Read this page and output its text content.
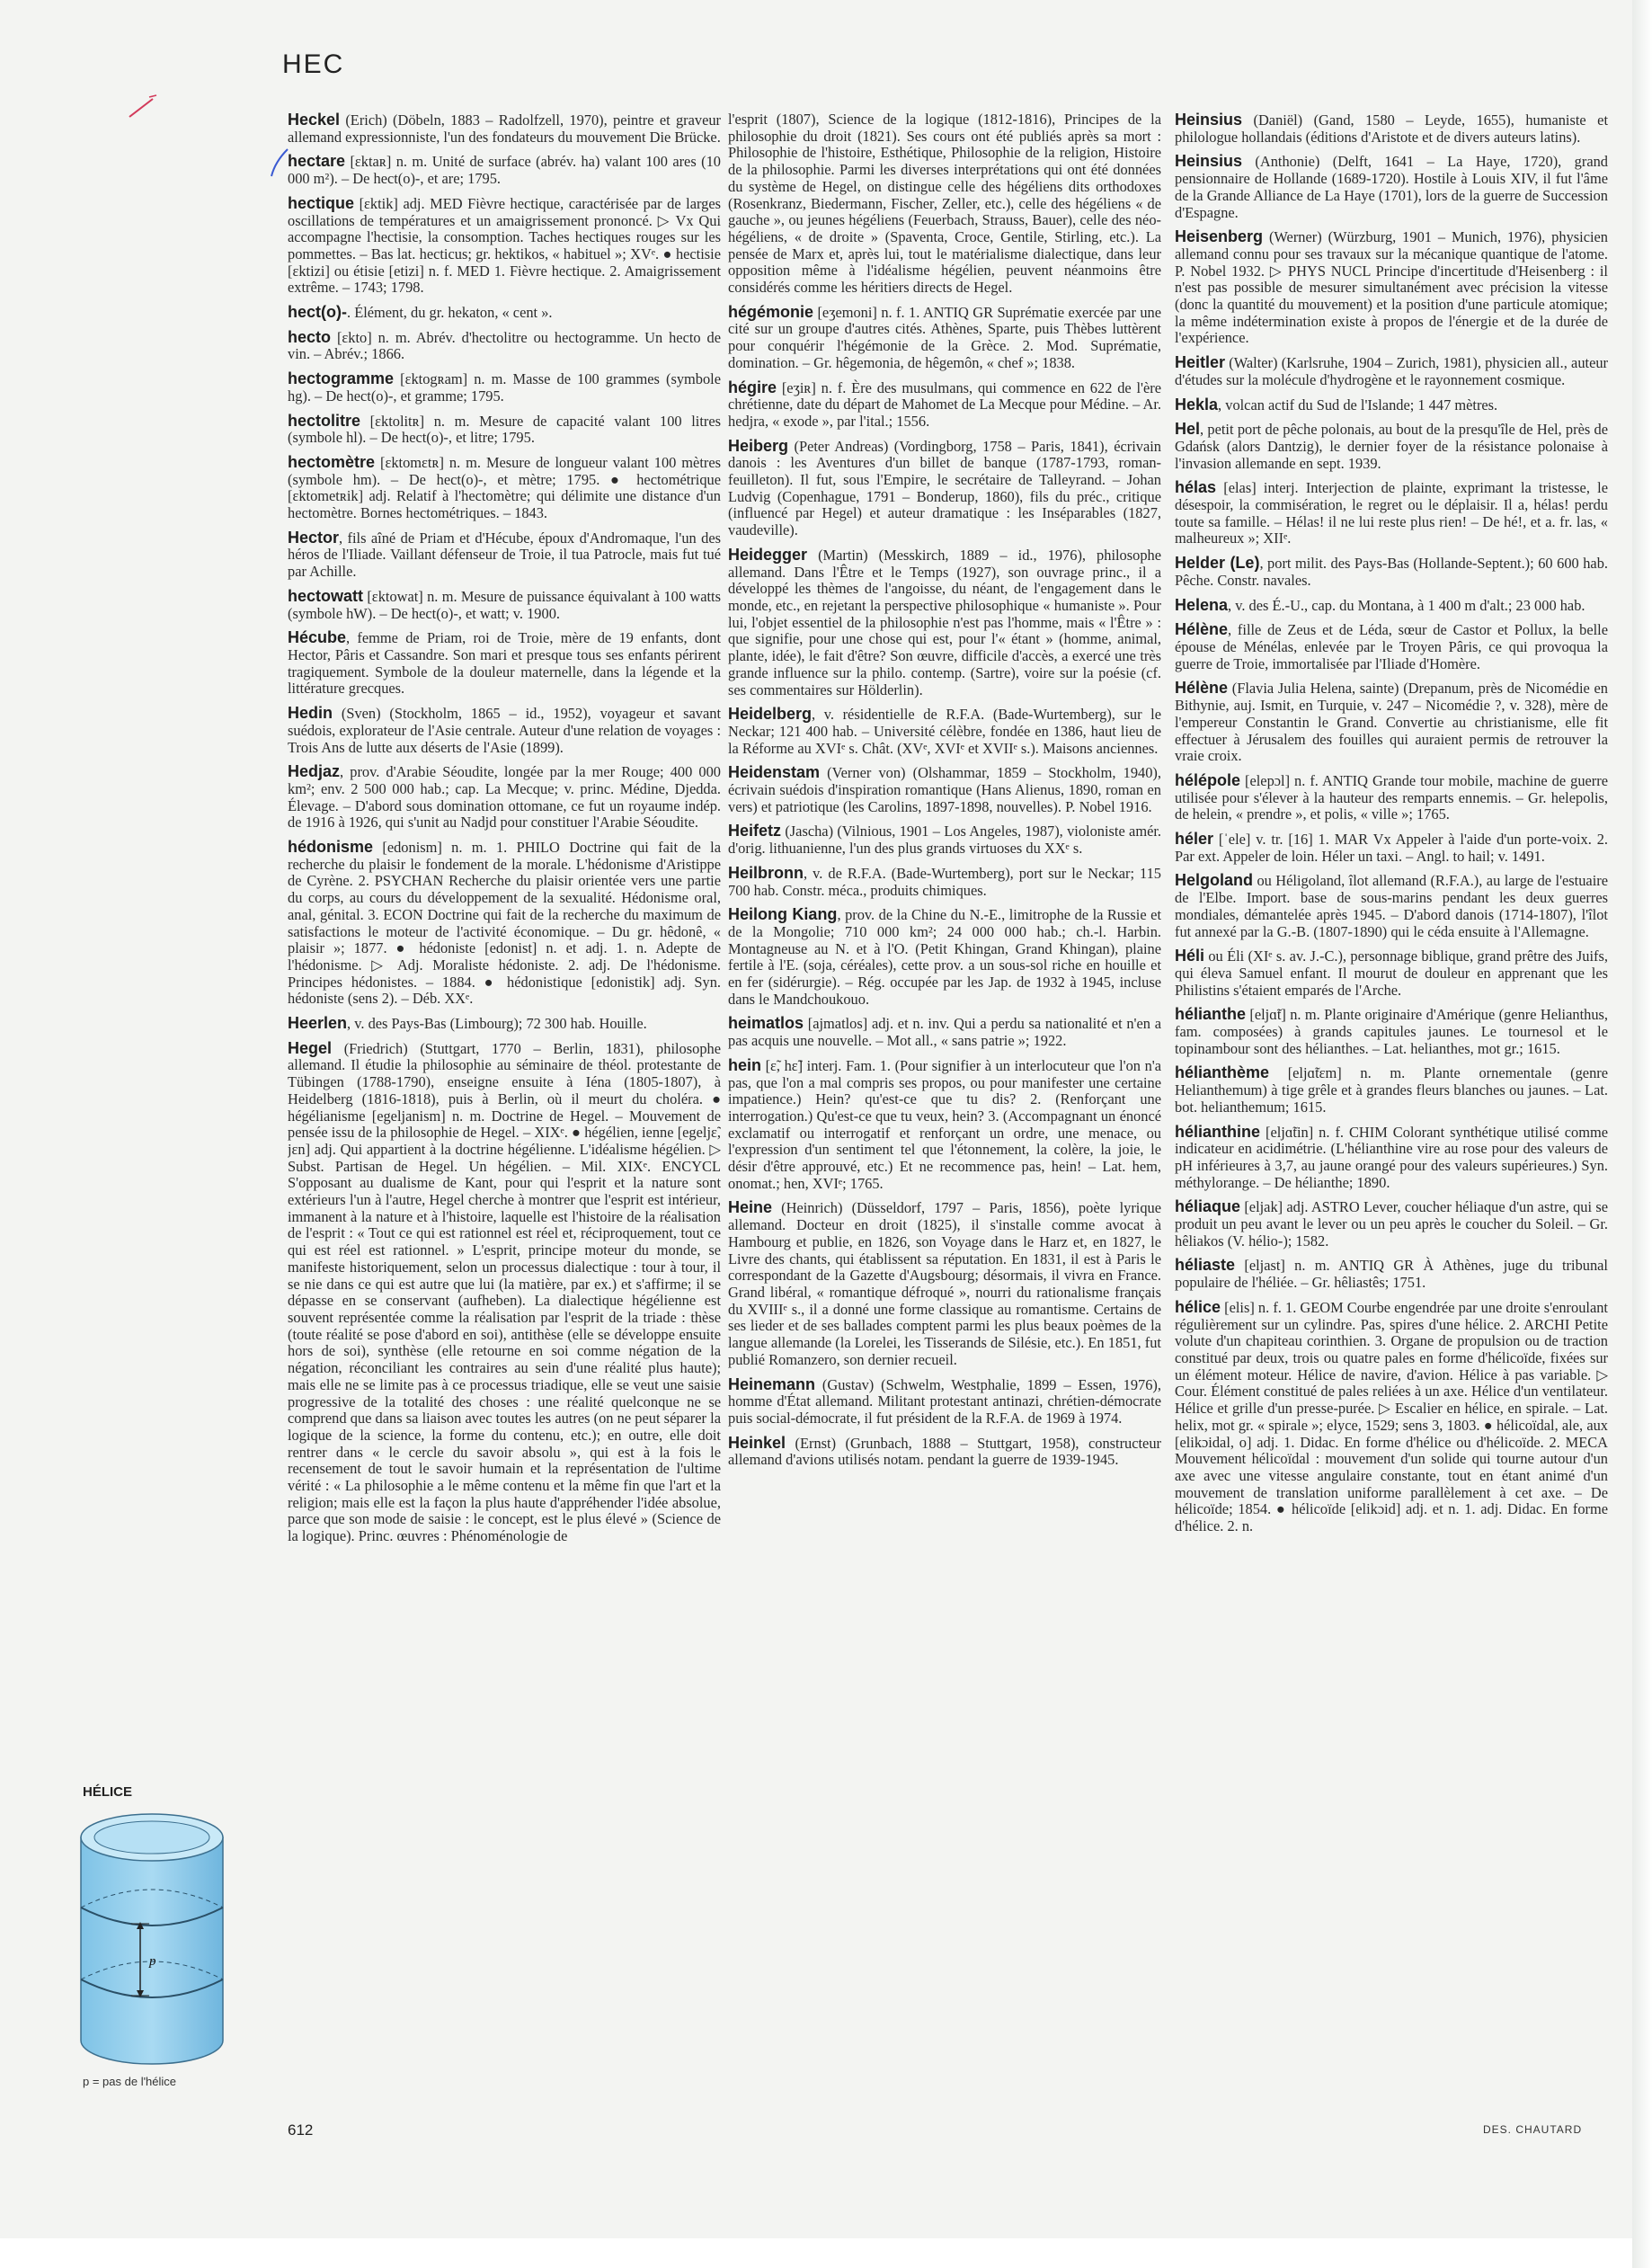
HEC

Heckel (Erich) (Döbeln, 1883 – Radolfzell, 1970), peintre et graveur allemand expressionniste, l'un des fondateurs du mouvement Die Brücke.

hectare [ɛktaʀ] n. m. Unité de surface (abrév. ha) valant 100 ares (10 000 m²). – De hect(o)-, et are; 1795.

hectique [ɛktik] adj. MED Fièvre hectique, caractérisée par de larges oscillations de températures et un amaigrissement prononcé. ▷ Vx Qui accompagne l'hectisie, la consomption. Taches hectiques rouges sur les pommettes. – Bas lat. hecticus; gr. hektikos, « habituel »; XVᵉ. ● hectisie [ɛktizi] ou étisie [etizi] n. f. MED 1. Fièvre hectique. 2. Amaigrissement extrême. – 1743; 1798.

hect(o)-. Élément, du gr. hekaton, « cent ».

hecto [ɛkto] n. m. Abrév. d'hectolitre ou hectogramme. Un hecto de vin. – Abrév.; 1866.

hectogramme [ɛktogʀam] n. m. Masse de 100 grammes (symbole hg). – De hect(o)-, et gramme; 1795.

hectolitre [ɛktolitʀ] n. m. Mesure de capacité valant 100 litres (symbole hl). – De hect(o)-, et litre; 1795.

hectomètre [ɛktomɛtʀ] n. m. Mesure de longueur valant 100 mètres (symbole hm). – De hect(o)-, et mètre; 1795. ● hectométrique [ɛktometʀik] adj. Relatif à l'hectomètre; qui délimite une distance d'un hectomètre. Bornes hectométriques. – 1843.

Hector, fils aîné de Priam et d'Hécube, époux d'Andromaque, l'un des héros de l'Iliade. Vaillant défenseur de Troie, il tua Patrocle, mais fut tué par Achille.

hectowatt [ɛktowat] n. m. Mesure de puissance équivalant à 100 watts (symbole hW). – De hect(o)-, et watt; v. 1900.

Hécube, femme de Priam, roi de Troie, mère de 19 enfants, dont Hector, Pâris et Cassandre. Son mari et presque tous ses enfants périrent tragiquement. Symbole de la douleur maternelle, dans la légende et la littérature grecques.

Hedin (Sven) (Stockholm, 1865 – id., 1952), voyageur et savant suédois, explorateur de l'Asie centrale. Auteur d'une relation de voyages : Trois Ans de lutte aux déserts de l'Asie (1899).

Hedjaz, prov. d'Arabie Séoudite, longée par la mer Rouge; 400 000 km²; env. 2 500 000 hab.; cap. La Mecque; v. princ. Médine, Djedda. Élevage. – D'abord sous domination ottomane, ce fut un royaume indép. de 1916 à 1926, qui s'unit au Nadjd pour constituer l'Arabie Séoudite.

hédonisme [edonism] n. m. 1. PHILO Doctrine qui fait de la recherche du plaisir le fondement de la morale. L'hédonisme d'Aristippe de Cyrène. 2. PSYCHAN Recherche du plaisir orientée vers une partie du corps, au cours du développement de la sexualité. Hédonisme oral, anal, génital. 3. ECON Doctrine qui fait de la recherche du maximum de satisfactions le moteur de l'activité économique. – Du gr. hêdonê, « plaisir »; 1877. ● hédoniste [edonist] n. et adj. 1. n. Adepte de l'hédonisme. ▷ Adj. Moraliste hédoniste. 2. adj. De l'hédonisme. Principes hédonistes. – 1884. ● hédonistique [edonistik] adj. Syn. hédoniste (sens 2). – Déb. XXᵉ.

Heerlen, v. des Pays-Bas (Limbourg); 72 300 hab. Houille.

Hegel (Friedrich) (Stuttgart, 1770 – Berlin, 1831), philosophe allemand. Il étudie la philosophie au séminaire de théol. protestante de Tübingen (1788-1790), enseigne ensuite à Iéna (1805-1807), à Heidelberg (1816-1818), puis à Berlin, où il meurt du choléra. ● hégélianisme [egeljanism] n. m. Doctrine de Hegel. – Mouvement de pensée issu de la philosophie de Hegel. – XIXᵉ. ● hégélien, ienne [egeljɛ̃, jɛn] adj. Qui appartient à la doctrine hégélienne. L'idéalisme hégélien. ▷ Subst. Partisan de Hegel. Un hégélien. – Mil. XIXᵉ. ENCYCL S'opposant au dualisme de Kant, pour qui l'esprit et la nature sont extérieurs l'un à l'autre, Hegel cherche à montrer que l'esprit est intérieur, immanent à la nature et à l'histoire, laquelle est l'histoire de la réalisation de l'esprit : « Tout ce qui est rationnel est réel et, réciproquement, tout ce qui est réel est rationnel. » L'esprit, principe moteur du monde, se manifeste historiquement, selon un processus dialectique : tour à tour, il se nie dans ce qui est autre que lui (la matière, par ex.) et s'affirme; il se dépasse en se conservant (aufheben). La dialectique hégélienne est souvent représentée comme la réalisation par l'esprit de la triade : thèse (toute réalité se pose d'abord en soi), antithèse (elle se développe ensuite hors de soi), synthèse (elle retourne en soi comme négation de la négation, réconciliant les contraires au sein d'une réalité plus haute); mais elle ne se limite pas à ce processus triadique, elle se veut une saisie progressive de la totalité des choses : une réalité quelconque ne se comprend que dans sa liaison avec toutes les autres (on ne peut séparer la logique de la science, la forme du contenu, etc.); en outre, elle doit rentrer dans « le cercle du savoir absolu », qui est à la fois le recensement de tout le savoir humain et la représentation de l'ultime vérité : « La philosophie a le même contenu et la même fin que l'art et la religion; mais elle est la façon la plus haute d'appréhender l'idée absolue, parce que son mode de saisie : le concept, est le plus élevé » (Science de la logique). Princ. œuvres : Phénoménologie de

l'esprit (1807), Science de la logique (1812-1816), Principes de la philosophie du droit (1821). Ses cours ont été publiés après sa mort : Philosophie de l'histoire, Esthétique, Philosophie de la religion, Histoire de la philosophie. Parmi les diverses interprétations qui ont été données du système de Hegel, on distingue celle des hégéliens dits orthodoxes (Rosenkranz, Biedermann, Fischer, Zeller, etc.), celle des hégéliens « de gauche », ou jeunes hégéliens (Feuerbach, Strauss, Bauer), celle des néo-hégéliens, « de droite » (Spaventa, Croce, Gentile, Stirling, etc.). La pensée de Marx et, après lui, tout le matérialisme dialectique, dans leur opposition même à l'idéalisme hégélien, peuvent néanmoins être considérés comme les héritiers directs de Hegel.

hégémonie [eʒemoni] n. f. 1. ANTIQ GR Suprématie exercée par une cité sur un groupe d'autres cités. Athènes, Sparte, puis Thèbes luttèrent pour conquérir l'hégémonie de la Grèce. 2. Mod. Suprématie, domination. – Gr. hêgemonia, de hêgemôn, « chef »; 1838.

hégire [eʒiʀ] n. f. Ère des musulmans, qui commence en 622 de l'ère chrétienne, date du départ de Mahomet de La Mecque pour Médine. – Ar. hedjra, « exode », par l'ital.; 1556.

Heiberg (Peter Andreas) (Vordingborg, 1758 – Paris, 1841), écrivain danois : les Aventures d'un billet de banque (1787-1793, roman-feuilleton). Il fut, sous l'Empire, le secrétaire de Talleyrand. – Johan Ludvig (Copenhague, 1791 – Bonderup, 1860), fils du préc., critique (influencé par Hegel) et auteur dramatique : les Inséparables (1827, vaudeville).

Heidegger (Martin) (Messkirch, 1889 – id., 1976), philosophe allemand. Dans l'Être et le Temps (1927), son ouvrage princ., il a développé les thèmes de l'angoisse, du néant, de l'engagement dans le monde, etc., en rejetant la perspective philosophique « humaniste ». Pour lui, l'objet essentiel de la philosophie n'est pas l'homme, mais « l'Être » : que signifie, pour une chose qui est, pour l'« étant » (homme, animal, plante, idée), le fait d'être? Son œuvre, difficile d'accès, a exercé une très grande influence sur la philo. contemp. (Sartre), voire sur la poésie (cf. ses commentaires sur Hölderlin).

Heidelberg, v. résidentielle de R.F.A. (Bade-Wurtemberg), sur le Neckar; 121 400 hab. – Université célèbre, fondée en 1386, haut lieu de la Réforme au XVIᵉ s. Chât. (XVᵉ, XVIᵉ et XVIIᵉ s.). Maisons anciennes.

Heidenstam (Verner von) (Olshammar, 1859 – Stockholm, 1940), écrivain suédois d'inspiration romantique (Hans Alienus, 1890, roman en vers) et patriotique (les Carolins, 1897-1898, nouvelles). P. Nobel 1916.

Heifetz (Jascha) (Vilnious, 1901 – Los Angeles, 1987), violoniste amér. d'orig. lithuanienne, l'un des plus grands virtuoses du XXᵉ s.

Heilbronn, v. de R.F.A. (Bade-Wurtemberg), port sur le Neckar; 115 700 hab. Constr. méca., produits chimiques.

Heilong Kiang, prov. de la Chine du N.-E., limitrophe de la Russie et de la Mongolie; 710 000 km²; 24 000 000 hab.; ch.-l. Harbin. Montagneuse au N. et à l'O. (Petit Khingan, Grand Khingan), plaine fertile à l'E. (soja, céréales), cette prov. a un sous-sol riche en houille et en fer (sidérurgie). – Rég. occupée par les Jap. de 1932 à 1945, incluse dans le Mandchoukouo.

heimatlos [ajmatlos] adj. et n. inv. Qui a perdu sa nationalité et n'en a pas acquis une nouvelle. – Mot all., « sans patrie »; 1922.

hein [ɛ̃, hɛ̃] interj. Fam. 1. (Pour signifier à un interlocuteur que l'on n'a pas, que l'on a mal compris ses propos, ou pour manifester une certaine impatience.) Hein? qu'est-ce que tu dis? 2. (Renforçant une interrogation.) Qu'est-ce que tu veux, hein? 3. (Accompagnant un énoncé exclamatif ou interrogatif et renforçant un ordre, une menace, ou l'expression d'un sentiment tel que l'étonnement, la colère, la joie, le désir d'être approuvé, etc.) Et ne recommence pas, hein! – Lat. hem, onomat.; hen, XVIᵉ; 1765.

Heine (Heinrich) (Düsseldorf, 1797 – Paris, 1856), poète lyrique allemand. Docteur en droit (1825), il s'installe comme avocat à Hambourg et publie, en 1826, son Voyage dans le Harz et, en 1827, le Livre des chants, qui établissent sa réputation. En 1831, il est à Paris le correspondant de la Gazette d'Augsbourg; désormais, il vivra en France. Grand libéral, « romantique défroqué », nourri du rationalisme français du XVIIIᵉ s., il a donné une forme classique au romantisme. Certains de ses lieder et de ses ballades comptent parmi les plus beaux poèmes de la langue allemande (la Lorelei, les Tisserands de Silésie, etc.). En 1851, fut publié Romanzero, son dernier recueil.

Heinemann (Gustav) (Schwelm, Westphalie, 1899 – Essen, 1976), homme d'État allemand. Militant protestant antinazi, chrétien-démocrate puis social-démocrate, il fut président de la R.F.A. de 1969 à 1974.

Heinkel (Ernst) (Grunbach, 1888 – Stuttgart, 1958), constructeur allemand d'avions utilisés notam. pendant la guerre de 1939-1945.

Heinsius (Daniël) (Gand, 1580 – Leyde, 1655), humaniste et philologue hollandais (éditions d'Aristote et de divers auteurs latins).

Heinsius (Anthonie) (Delft, 1641 – La Haye, 1720), grand pensionnaire de Hollande (1689-1720). Hostile à Louis XIV, il fut l'âme de la Grande Alliance de La Haye (1701), lors de la guerre de Succession d'Espagne.

Heisenberg (Werner) (Würzburg, 1901 – Munich, 1976), physicien allemand connu pour ses travaux sur la mécanique quantique de l'atome. P. Nobel 1932. ▷ PHYS NUCL Principe d'incertitude d'Heisenberg : il n'est pas possible de mesurer simultanément avec précision la vitesse (donc la quantité du mouvement) et la position d'une particule atomique; la même indétermination existe à propos de l'énergie et de la durée de l'expérience.

Heitler (Walter) (Karlsruhe, 1904 – Zurich, 1981), physicien all., auteur d'études sur la molécule d'hydrogène et le rayonnement cosmique.

Hekla, volcan actif du Sud de l'Islande; 1 447 mètres.

Hel, petit port de pêche polonais, au bout de la presqu'île de Hel, près de Gdańsk (alors Dantzig), le dernier foyer de la résistance polonaise à l'invasion allemande en sept. 1939.

hélas [elas] interj. Interjection de plainte, exprimant la tristesse, le désespoir, la commisération, le regret ou le déplaisir. Il a, hélas! perdu toute sa famille. – Hélas! il ne lui reste plus rien! – De hé!, et a. fr. las, « malheureux »; XIIᵉ.

Helder (Le), port milit. des Pays-Bas (Hollande-Septent.); 60 600 hab. Pêche. Constr. navales.

Helena, v. des É.-U., cap. du Montana, à 1 400 m d'alt.; 23 000 hab.

Hélène, fille de Zeus et de Léda, sœur de Castor et Pollux, la belle épouse de Ménélas, enlevée par le Troyen Pâris, ce qui provoqua la guerre de Troie, immortalisée par l'Iliade d'Homère.

Hélène (Flavia Julia Helena, sainte) (Drepanum, près de Nicomédie en Bithynie, auj. Ismit, en Turquie, v. 247 – Nicomédie ?, v. 328), mère de l'empereur Constantin le Grand. Convertie au christianisme, elle fit effectuer à Jérusalem des fouilles qui auraient permis de retrouver la vraie croix.

hélépole [elepɔl] n. f. ANTIQ Grande tour mobile, machine de guerre utilisée pour s'élever à la hauteur des remparts ennemis. – Gr. helepolis, de helein, « prendre », et polis, « ville »; 1765.

héler [ˈele] v. tr. [16] 1. MAR Vx Appeler à l'aide d'un porte-voix. 2. Par ext. Appeler de loin. Héler un taxi. – Angl. to hail; v. 1491.

Helgoland ou Héligoland, îlot allemand (R.F.A.), au large de l'estuaire de l'Elbe. Import. base de sous-marins pendant les deux guerres mondiales, démantelée après 1945. – D'abord danois (1714-1807), l'îlot fut annexé par la G.-B. (1807-1890) qui le céda ensuite à l'Allemagne.

Héli ou Éli (XIᵉ s. av. J.-C.), personnage biblique, grand prêtre des Juifs, qui éleva Samuel enfant. Il mourut de douleur en apprenant que les Philistins s'étaient emparés de l'Arche.

hélianthe [eljɑ̃t] n. m. Plante originaire d'Amérique (genre Helianthus, fam. composées) à grands capitules jaunes. Le tournesol et le topinambour sont des hélianthes. – Lat. helianthes, mot gr.; 1615.

hélianthème [eljɑ̃tɛm] n. m. Plante ornementale (genre Helianthemum) à tige grêle et à grandes fleurs blanches ou jaunes. – Lat. bot. helianthemum; 1615.

hélianthine [eljɑ̃tin] n. f. CHIM Colorant synthétique utilisé comme indicateur en acidimétrie. (L'hélianthine vire au rose pour des valeurs de pH inférieures à 3,7, au jaune orangé pour des valeurs supérieures.) Syn. méthylorange. – De hélianthe; 1890.

héliaque [eljak] adj. ASTRO Lever, coucher héliaque d'un astre, qui se produit un peu avant le lever ou un peu après le coucher du Soleil. – Gr. hêliakos (V. hélio-); 1582.

héliaste [eljast] n. m. ANTIQ GR À Athènes, juge du tribunal populaire de l'héliée. – Gr. hêliastês; 1751.

hélice [elis] n. f. 1. GEOM Courbe engendrée par une droite s'enroulant régulièrement sur un cylindre. Pas, spires d'une hélice. 2. ARCHI Petite volute d'un chapiteau corinthien. 3. Organe de propulsion ou de traction constitué par deux, trois ou quatre pales en forme d'hélicoïde, fixées sur un élément moteur. Hélice de navire, d'avion. Hélice à pas variable. ▷ Cour. Élément constitué de pales reliées à un axe. Hélice d'un ventilateur. Hélice et grille d'un presse-purée. ▷ Escalier en hélice, en spirale. – Lat. helix, mot gr. « spirale »; elyce, 1529; sens 3, 1803. ● hélicoïdal, ale, aux [elikɔidal, o] adj. 1. Didac. En forme d'hélice ou d'hélicoïde. 2. MECA Mouvement hélicoïdal : mouvement d'un solide qui tourne autour d'un axe avec une vitesse angulaire constante, tout en étant animé d'un mouvement de translation uniforme parallèlement à cet axe. – De hélicoïde; 1854. ● hélicoïde [elikɔid] adj. et n. 1. adj. Didac. En forme d'hélice. 2. n.

HÉLICE
p
p = pas de l'hélice
612	DES. CHAUTARD
